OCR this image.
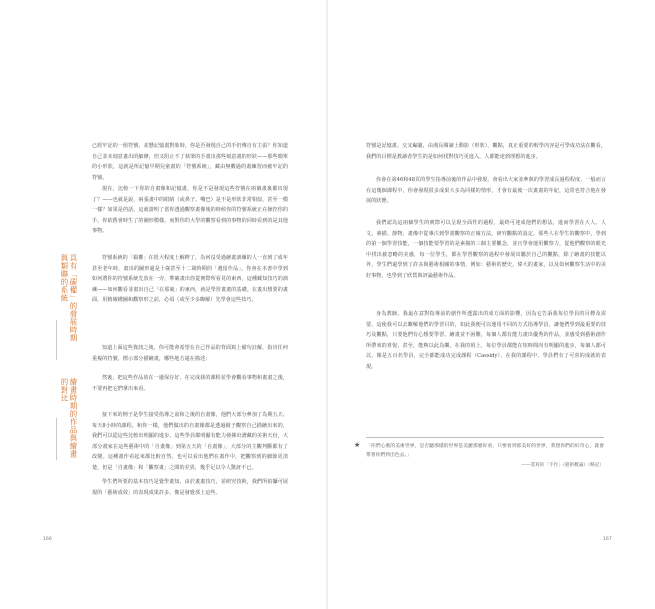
已經牢記的一組符號，並懸記憶畫對象時，你是否發現自己的手仍傳自有主張？你知道自己並未刻意畫出的細條，但又阻止不了執筆的手畫出那些刻意畫的形狀——那些簡單的小形狀，這就是所記憶早期兒童畫的「符號系統」，藏由無數過的畫練習而被牢記的符號。
現在，比較一下你的自畫像和記憶畫，你是不是發現這些符號在兩個畫裏都出現了？——也就是說，兩張畫中的眼睛（或鼻子、嘴巴）是不是形狀非常相似，甚至一模一樣？如果是的話，這就證明了當你透過觀察畫像後的時候你的符號系統正在操控你的手，你依舊會時生了的圖形模樣，而對你的大學的觀察看到的事物的同時看到的是其他事物。
具有「碳權」的發展時期與類聯的系統	符號系統的「霸權」在很大程度上解釋了，為何沒受過繪畫訓練的人一直到了成年甚至老年時，畫出的圖形還是十歲甚至十二歲時期的「遺留作品」。你會在本書中學到如何將你的符號系統先放在一旁，準確畫出你從實際所看見的東西。這種藏知技巧的訓練——如何觀看並畫出自己「在那裏」的東西，就是學習畫畫的基礎。在畫出想要的畫面，用精確構圖和觀察形之前，必須（或至少多瞭解）先學會這些技巧。
知道上面這些資訊之後，你可能會希望在自己作品的背面寫上備句註解，指出任何重複的符號，標示部分描繪畫，哪些地方還在描述；
然後，把這些作品放在一邊保存好，在完成我的課程並學會觀看事物和畫畫之後，不要再把它們拿出來看。
繪畫時期的作品與繪畫的對比
接下來的例子是學生接受指導之前和之後的自畫像，他們大部分參加了為期五天、每天8小時的課程，和你一樣，他們做出的自畫像都是透過鏡子觀察自己描繪出來的，我們可以從這些比較出明顯的進步。這些學員都明顯有能力發揮出潛藏的美術天份，大部分畫家在這些藝術中的「自畫像」到第五天的「自畫像」，大部分的主觀判斷都有了改變。這種畫作看起來都比較自然，也可以看出他們在畫作中，把觀察到的細節更清楚，但是「自畫像」和「觀察畫」之間的差異，幾乎足以令人驚訝不已。
學生們所要的基本技巧是覺學畫知，由於畫畫技巧，並研究技術，我們所拍攝可展現的「藝術成效」的表現成果許多，像是發覺那上這些。
166
符號是記憶畫、交叉編纂，由漫長閱讀上動影（形狀）、觀點，真正重要的較學內容是可學成功法在觀看，我們的目標是教讀者學生的是如何找對技巧更進入，人都能達到理想的進步。
你會在第46和48頁的學生指導前後的作品中發現，會看出大家並參與的學習成長過程程度，一般而言在這幾個課程中，你會發現很多成果大多為同樣的情形，才會有最後一次畫畫的年紀，這常也符合他在發展的狀態。
我們認為這兩個學生的實際可以呈現全面性的過程，最終可達成他們的想法，進而學習在大人、人文、素描、靜物、畫像中從專注到學畫觀察的正確方法，研究觀點的設定。那些人在學生的觀察中，學到的第一個學習技能，一個技能要學習的是素描的三個主要觀念，並且學會運用觀察力，從他們觀察的眼光中找出被忽略的美感，每一位學生，都在學習觀察的過程中發展出屬於自己的觀點，除了繪畫的技能以外，學生們還學到了許多與藝術相關的事情，例如：藝術的歷史，偉大的畫家，以及如何觀察生活中的美好事物，也學到了欣賞與評論藝術作品。
身為教師，我最在意對指導前的創作所透露出的成方面的影響，因為它告訴我每位學員的目標及需要，這使我可以去瞭解他們的學習目的，如此我便可以運用不同的方式指導學員，讓他們學到最重要的技巧及觀點，只要他們有心想要學習、繪畫並不困難，每個人都有能力畫出優秀的作品，並感受到藝術創作所帶來的喜悅，甚至，能夠以此為樂，在我的班上，每位學員都能在短時間內有明顯的進步，每個人都可以，像是五百名學員，完全都能成功完成課程（Cassidy）、在我的課程中，學員們有了可喜的成就的表現。
★ 「你們心裏的美術世界，是否聽那樣的世界是美麗那麼好看，只要看到那美好的世界，我想你們的好奇心，就會帶著你們到出色去。」
——書寫的「手作」《藝術概論》（略記）
167
